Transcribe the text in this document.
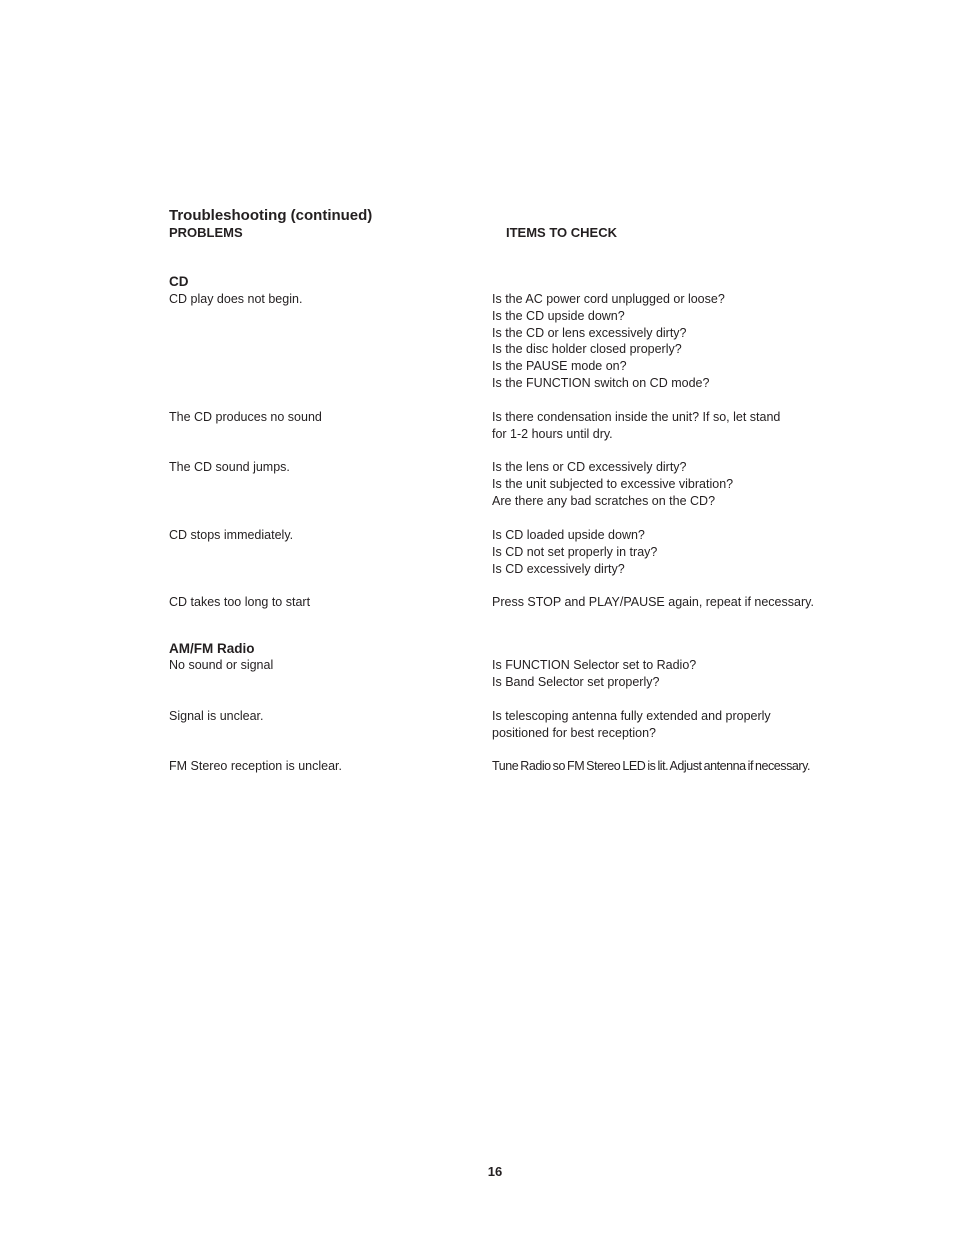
Troubleshooting (continued)
PROBLEMS	ITEMS TO CHECK
CD
CD play does not begin.	Is the AC power cord unplugged or loose?
Is the CD upside down?
Is the CD or lens excessively dirty?
Is the disc holder closed properly?
Is the PAUSE mode on?
Is the FUNCTION switch on CD mode?
The CD produces no sound	Is there condensation inside the unit? If so, let stand
for 1-2 hours until dry.
The CD sound jumps.	Is the lens or CD excessively dirty?
Is the unit subjected to excessive vibration?
Are there any bad scratches on the CD?
CD stops immediately.	Is CD loaded upside down?
Is CD not set properly in tray?
Is CD excessively dirty?
CD takes too long to start	Press STOP and PLAY/PAUSE again, repeat if necessary.
AM/FM Radio
No sound or signal	Is FUNCTION Selector set to Radio?
Is Band Selector set properly?
Signal is unclear.	Is telescoping antenna fully extended and properly
positioned for best reception?
FM Stereo reception is unclear.	Tune Radio so FM Stereo LED is lit. Adjust antenna if necessary.
16
